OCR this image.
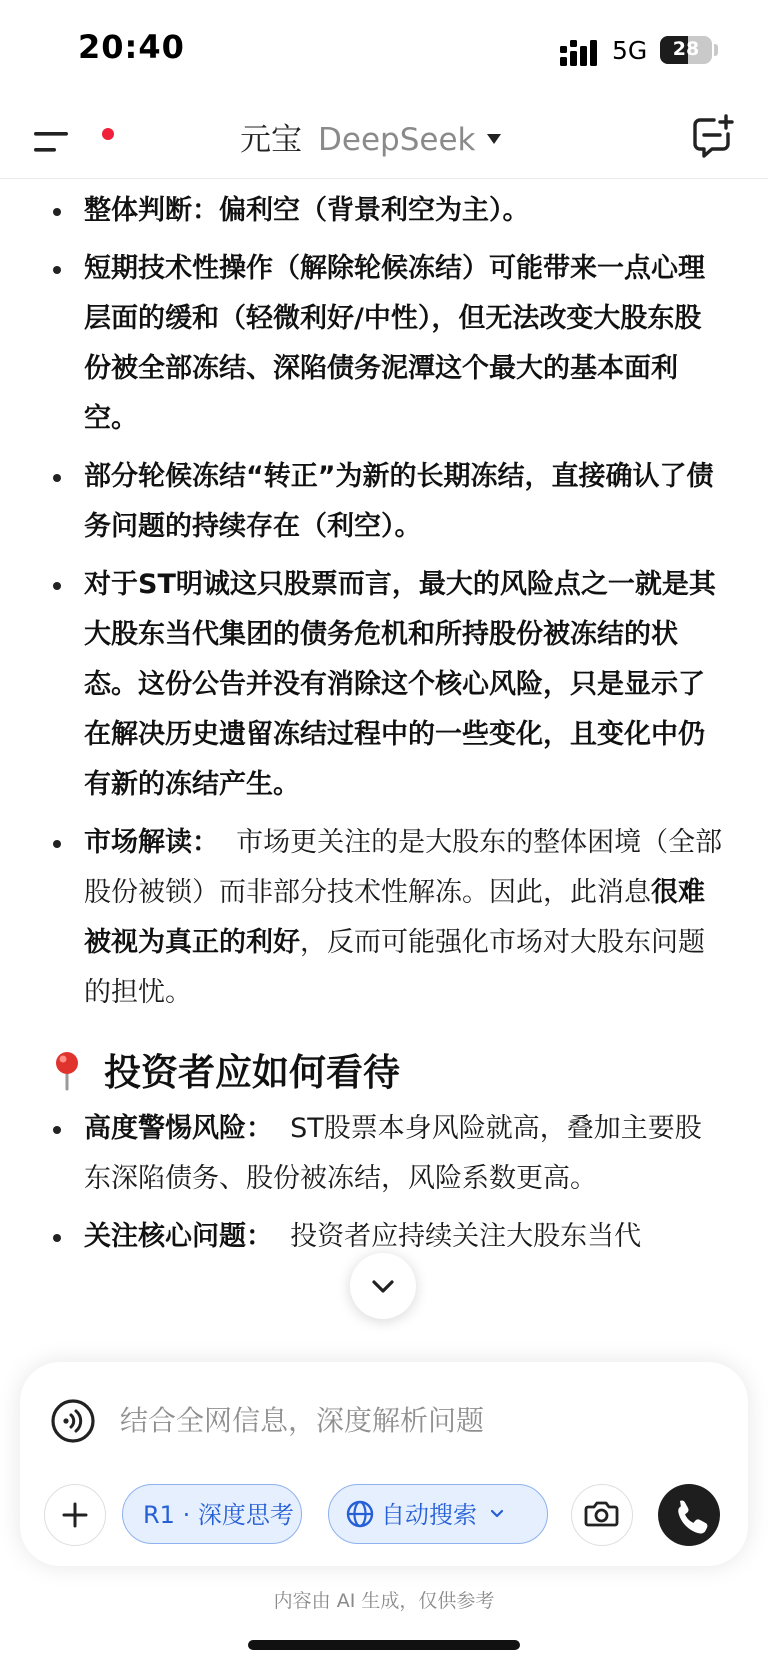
20:40	5G	28
元宝 DeepSeek
整体判断：偏利空（背景利空为主）。
短期技术性操作（解除轮候冻结）可能带来一点心理层面的缓和（轻微利好/中性），但无法改变大股东股份被全部冻结、深陷债务泥潭这个最大的基本面利空。
部分轮候冻结“转正”为新的长期冻结，直接确认了债务问题的持续存在（利空）。
对于ST明诚这只股票而言，最大的风险点之一就是其大股东当代集团的债务危机和所持股份被冻结的状态。这份公告并没有消除这个核心风险，只是显示了在解决历史遗留冻结过程中的一些变化，且变化中仍有新的冻结产生。
市场解读： 市场更关注的是大股东的整体困境（全部股份被锁）而非部分技术性解冻。因此，此消息很难被视为真正的利好，反而可能强化市场对大股东问题的担忧。
投资者应如何看待
高度警惕风险： ST股票本身风险就高，叠加主要股东深陷债务、股份被冻结，风险系数更高。
关注核心问题： 投资者应持续关注大股东当代
结合全网信息，深度解析问题
R1 · 深度思考	自动搜索
内容由 AI 生成，仅供参考
